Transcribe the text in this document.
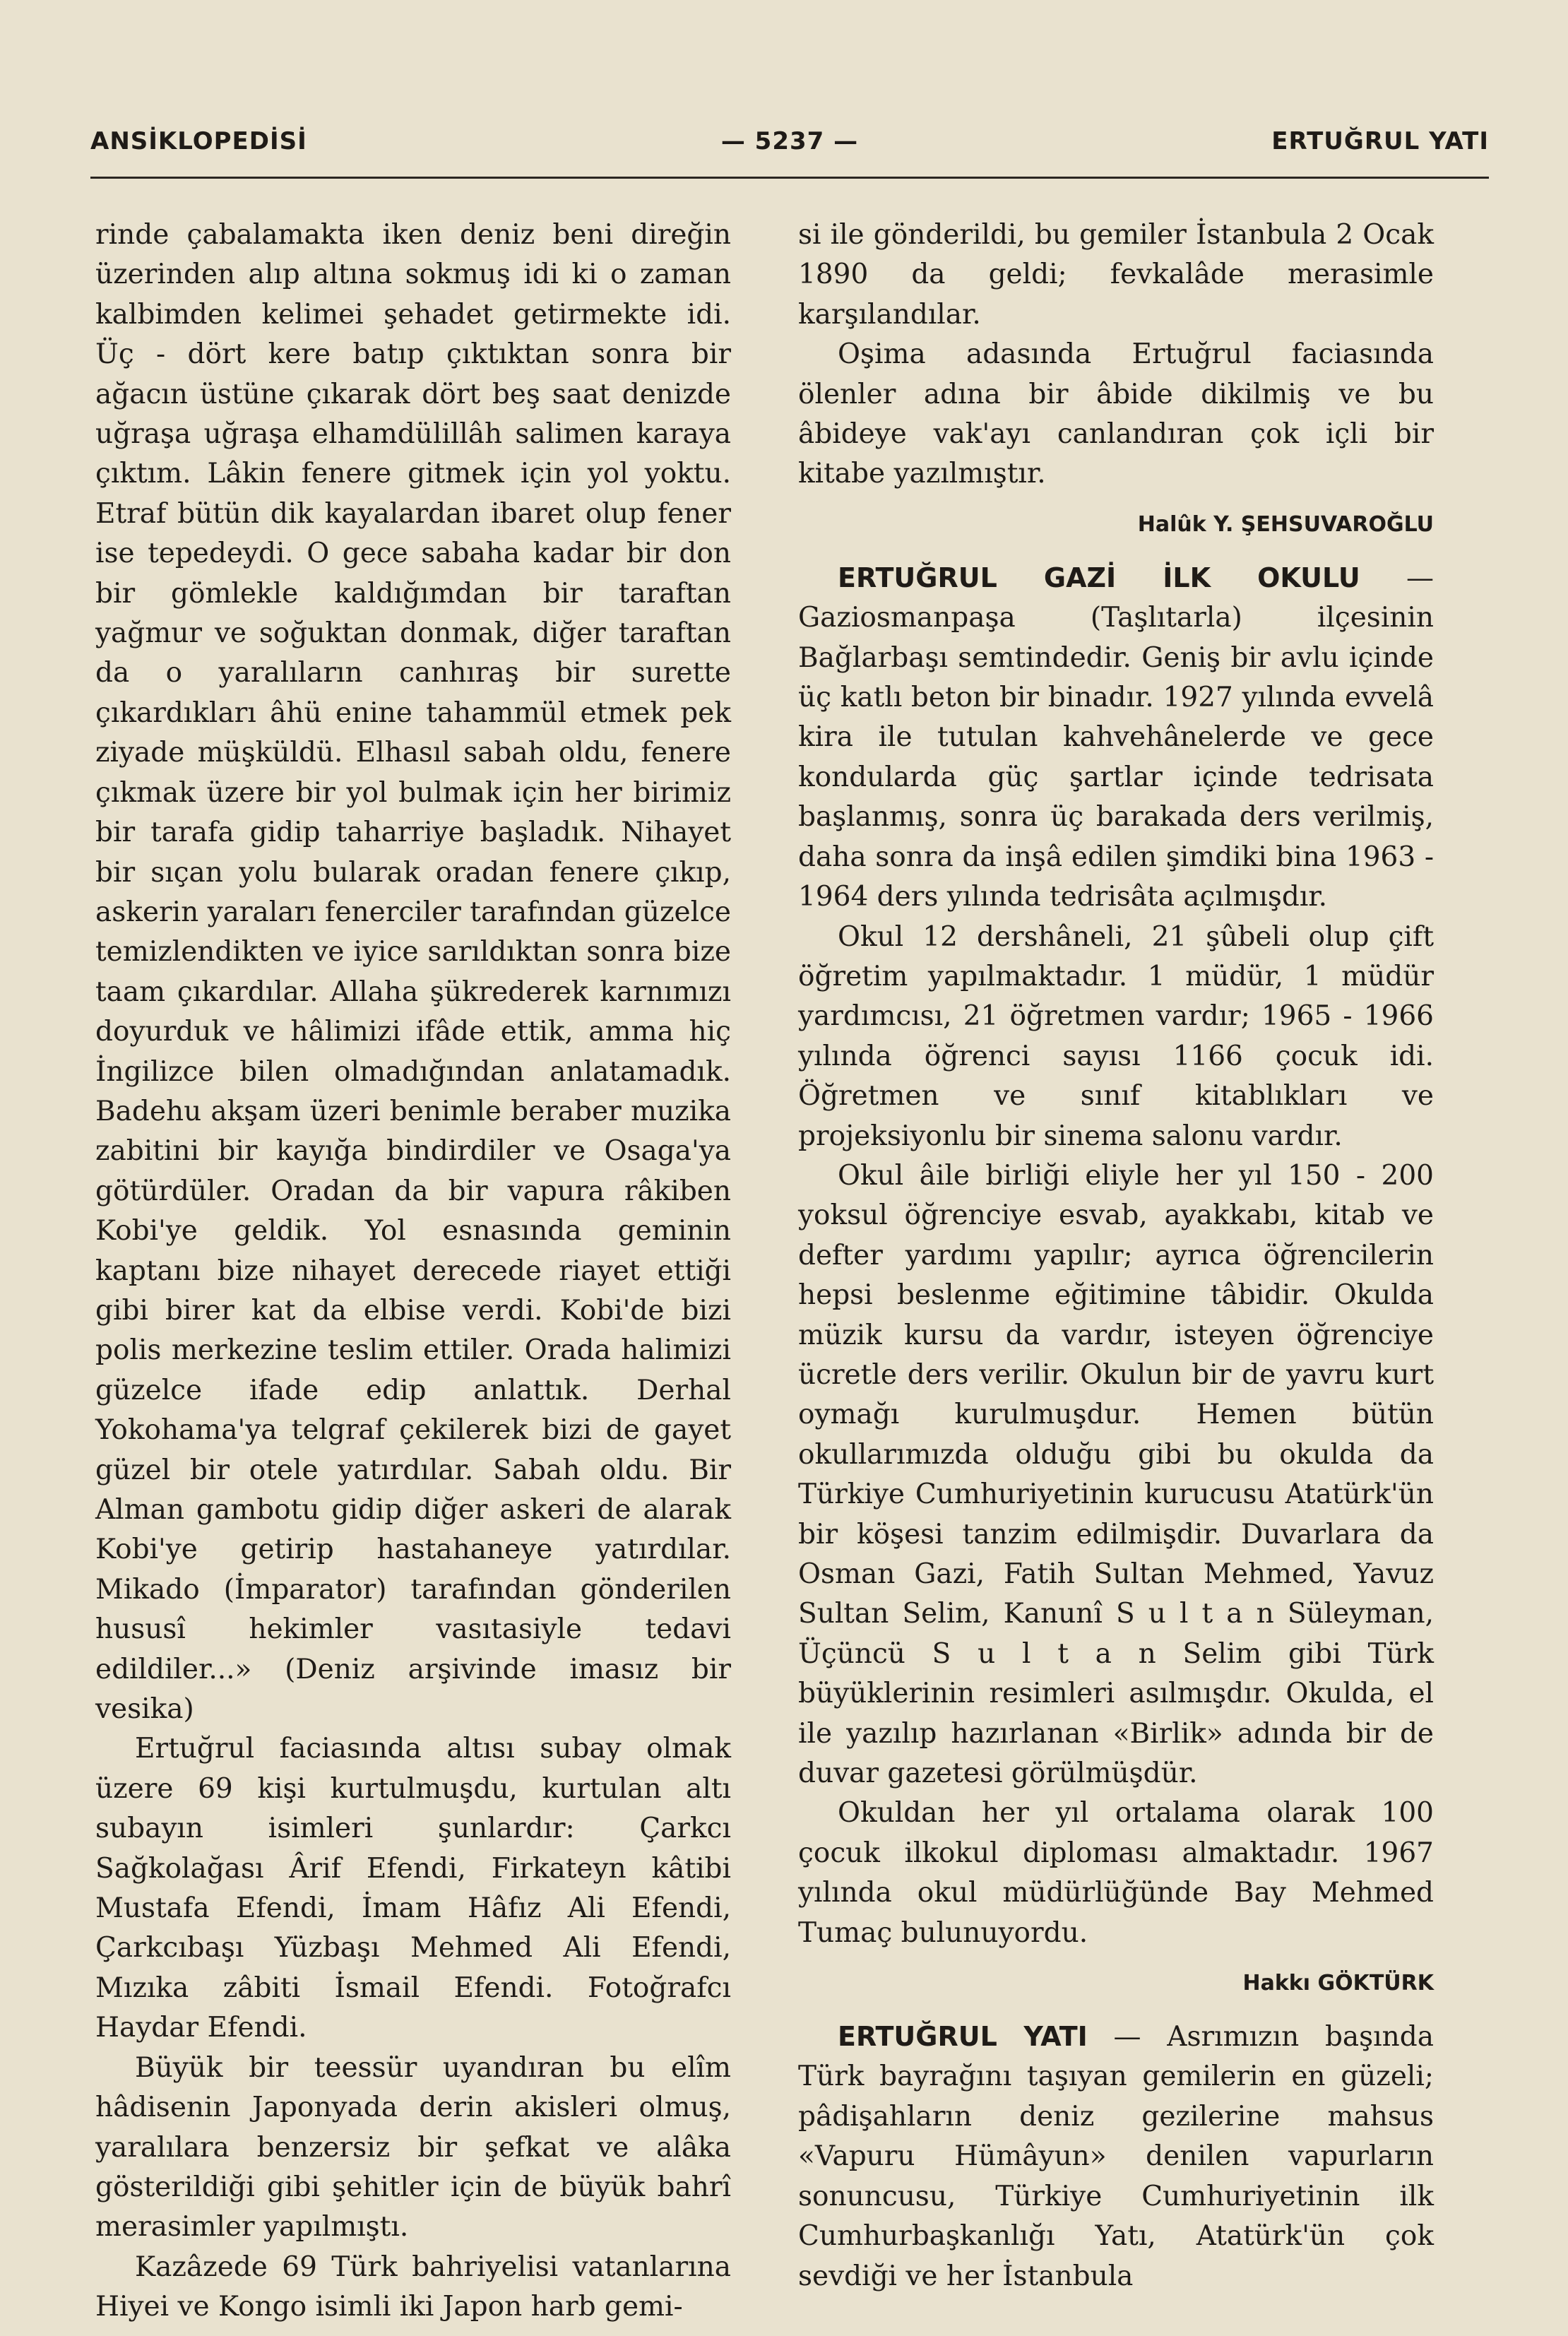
ANSİKLOPEDİSİ	— 5237 —	ERTUĞRUL YATI

rinde çabalamakta iken deniz beni direğin üzerinden alıp altına sokmuş idi ki o zaman kalbimden kelimei şehadet getirmekte idi. Üç - dört kere batıp çıktıktan sonra bir ağacın üstüne çıkarak dört beş saat denizde uğraşa uğraşa elhamdülillâh salimen karaya çıktım. Lâkin fenere gitmek için yol yoktu. Etraf bütün dik kayalardan ibaret olup fener ise tepedeydi. O gece sabaha kadar bir don bir gömlekle kaldığımdan bir taraftan yağmur ve soğuktan donmak, diğer taraftan da o yaralıların canhıraş bir surette çıkardıkları âhü enine tahammül etmek pek ziyade müşküldü. Elhasıl sabah oldu, fenere çıkmak üzere bir yol bulmak için her birimiz bir tarafa gidip taharriye başladık. Nihayet bir sıçan yolu bularak oradan fenere çıkıp, askerin yaraları fenerciler tarafından güzelce temizlendikten ve iyice sarıldıktan sonra bize taam çıkardılar. Allaha şükrederek karnımızı doyurduk ve hâlimizi ifâde ettik, amma hiç İngilizce bilen olmadığından anlatamadık. Badehu akşam üzeri benimle beraber muzika zabitini bir kayığa bindirdiler ve Osaga'ya götürdüler. Oradan da bir vapura râkiben Kobi'ye geldik. Yol esnasında geminin kaptanı bize nihayet derecede riayet ettiği gibi birer kat da elbise verdi. Kobi'de bizi polis merkezine teslim ettiler. Orada halimizi güzelce ifade edip anlattık. Derhal Yokohama'ya telgraf çekilerek bizi de gayet güzel bir otele yatırdılar. Sabah oldu. Bir Alman gambotu gidip diğer askeri de alarak Kobi'ye getirip hastahaneye yatırdılar. Mikado (İmparator) tarafından gönderilen hususî hekimler vasıtasiyle tedavi edildiler...» (Deniz arşivinde imasız bir vesika)

Ertuğrul faciasında altısı subay olmak üzere 69 kişi kurtulmuşdu, kurtulan altı subayın isimleri şunlardır: Çarkcı Sağkolağası Ârif Efendi, Firkateyn kâtibi Mustafa Efendi, İmam Hâfız Ali Efendi, Çarkcıbaşı Yüzbaşı Mehmed Ali Efendi, Mızıka zâbiti İsmail Efendi. Fotoğrafcı Haydar Efendi.

Büyük bir teessür uyandıran bu elîm hâdisenin Japonyada derin akisleri olmuş, yaralılara benzersiz bir şefkat ve alâka gösterildiği gibi şehitler için de büyük bahrî merasimler yapılmıştı.

Kazâzede 69 Türk bahriyelisi vatanlarına Hiyei ve Kongo isimli iki Japon harb gemi-

si ile gönderildi, bu gemiler İstanbula 2 Ocak 1890 da geldi; fevkalâde merasimle karşılandılar.

Oşima adasında Ertuğrul faciasında ölenler adına bir âbide dikilmiş ve bu âbideye vak'ayı canlandıran çok içli bir kitabe yazılmıştır.

Halûk Y. ŞEHSUVAROĞLU

ERTUĞRUL GAZİ İLK OKULU — Gaziosmanpaşa (Taşlıtarla) ilçesinin Bağlarbaşı semtindedir. Geniş bir avlu içinde üç katlı beton bir binadır. 1927 yılında evvelâ kira ile tutulan kahvehânelerde ve gece kondularda güç şartlar içinde tedrisata başlanmış, sonra üç barakada ders verilmiş, daha sonra da inşâ edilen şimdiki bina 1963 - 1964 ders yılında tedrisâta açılmışdır.

Okul 12 dershâneli, 21 şûbeli olup çift öğretim yapılmaktadır. 1 müdür, 1 müdür yardımcısı, 21 öğretmen vardır; 1965 - 1966 yılında öğrenci sayısı 1166 çocuk idi. Öğretmen ve sınıf kitablıkları ve projeksiyonlu bir sinema salonu vardır.

Okul âile birliği eliyle her yıl 150 - 200 yoksul öğrenciye esvab, ayakkabı, kitab ve defter yardımı yapılır; ayrıca öğrencilerin hepsi beslenme eğitimine tâbidir. Okulda müzik kursu da vardır, isteyen öğrenciye ücretle ders verilir. Okulun bir de yavru kurt oymağı kurulmuşdur. Hemen bütün okullarımızda olduğu gibi bu okulda da Türkiye Cumhuriyetinin kurucusu Atatürk'ün bir köşesi tanzim edilmişdir. Duvarlara da Osman Gazi, Fatih Sultan Mehmed, Yavuz Sultan Selim, Kanunî S u l t a n Süleyman, Üçüncü S u l t a n Selim gibi Türk büyüklerinin resimleri asılmışdır. Okulda, el ile yazılıp hazırlanan «Birlik» adında bir de duvar gazetesi görülmüşdür.

Okuldan her yıl ortalama olarak 100 çocuk ilkokul diploması almaktadır. 1967 yılında okul müdürlüğünde Bay Mehmed Tumaç bulunuyordu.

Hakkı GÖKTÜRK

ERTUĞRUL YATI — Asrımızın başında Türk bayrağını taşıyan gemilerin en güzeli; pâdişahların deniz gezilerine mahsus «Vapuru Hümâyun» denilen vapurların sonuncusu, Türkiye Cumhuriyetinin ilk Cumhurbaşkanlığı Yatı, Atatürk'ün çok sevdiği ve her İstanbula
